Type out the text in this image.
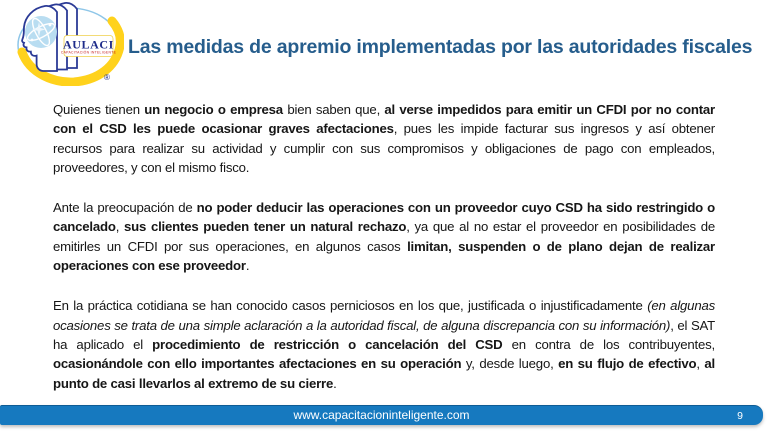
AULACI
CAPACITACIÓN INTELIGENTE
®
Las medidas de apremio implementadas por las autoridades fiscales

Quienes tienen un negocio o empresa bien saben que, al verse impedidos para emitir un CFDI por no contar con el CSD les puede ocasionar graves afectaciones, pues les impide facturar sus ingresos y así obtener recursos para realizar su actividad y cumplir con sus compromisos y obligaciones de pago con empleados, proveedores, y con el mismo fisco.

Ante la preocupación de no poder deducir las operaciones con un proveedor cuyo CSD ha sido restringido o cancelado, sus clientes pueden tener un natural rechazo, ya que al no estar el proveedor en posibilidades de emitirles un CFDI por sus operaciones, en algunos casos limitan, suspenden o de plano dejan de realizar operaciones con ese proveedor.

En la práctica cotidiana se han conocido casos perniciosos en los que, justificada o injustificadamente (en algunas ocasiones se trata de una simple aclaración a la autoridad fiscal, de alguna discrepancia con su información), el SAT ha aplicado el procedimiento de restricción o cancelación del CSD en contra de los contribuyentes, ocasionándole con ello importantes afectaciones en su operación y, desde luego, en su flujo de efectivo, al punto de casi llevarlos al extremo de su cierre.

www.capacitacioninteligente.com	9
